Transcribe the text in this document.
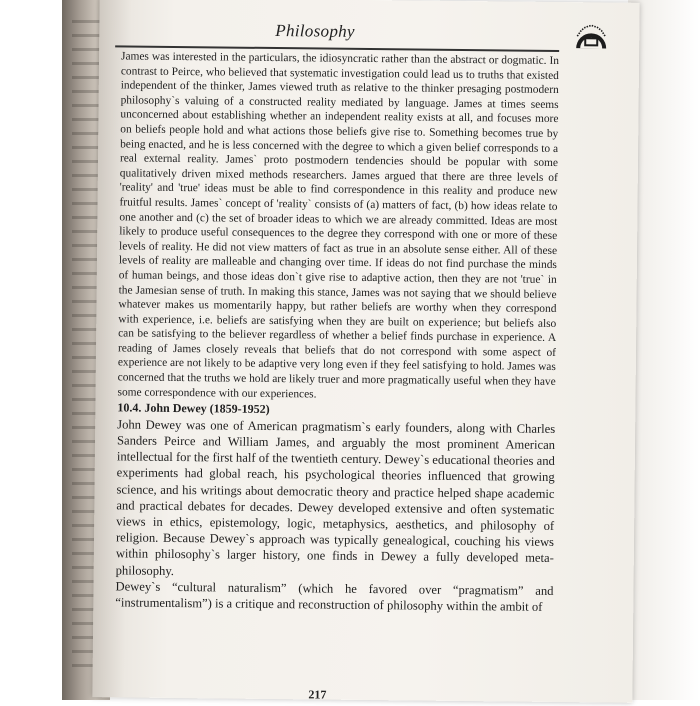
Philosophy

James was interested in the particulars, the idiosyncratic rather than the abstract or dogmatic. In contrast to Peirce, who believed that systematic investigation could lead us to truths that existed independent of the thinker, James viewed truth as relative to the thinker presaging postmodern philosophy`s valuing of a constructed reality mediated by language. James at times seems unconcerned about establishing whether an independent reality exists at all, and focuses more on beliefs people hold and what actions those beliefs give rise to. Something becomes true by being enacted, and he is less concerned with the degree to which a given belief corresponds to a real external reality. James` proto postmodern tendencies should be popular with some qualitatively driven mixed methods researchers. James argued that there are three levels of 'reality' and 'true' ideas must be able to find correspondence in this reality and produce new fruitful results. James` concept of 'reality` consists of (a) matters of fact, (b) how ideas relate to one another and (c) the set of broader ideas to which we are already committed. Ideas are most likely to produce useful consequences to the degree they correspond with one or more of these levels of reality. He did not view matters of fact as true in an absolute sense either. All of these levels of reality are malleable and changing over time. If ideas do not find purchase the minds of human beings, and those ideas don`t give rise to adaptive action, then they are not 'true` in the Jamesian sense of truth. In making this stance, James was not saying that we should believe whatever makes us momentarily happy, but rather beliefs are worthy when they correspond with experience, i.e. beliefs are satisfying when they are built on experience; but beliefs also can be satisfying to the believer regardless of whether a belief finds purchase in experience. A reading of James closely reveals that beliefs that do not correspond with some aspect of experience are not likely to be adaptive very long even if they feel satisfying to hold. James was concerned that the truths we hold are likely truer and more pragmatically useful when they have some correspondence with our experiences.

10.4. John Dewey (1859-1952)

John Dewey was one of American pragmatism`s early founders, along with Charles Sanders Peirce and William James, and arguably the most prominent American intellectual for the first half of the twentieth century. Dewey`s educational theories and experiments had global reach, his psychological theories influenced that growing science, and his writings about democratic theory and practice helped shape academic and practical debates for decades. Dewey developed extensive and often systematic views in ethics, epistemology, logic, metaphysics, aesthetics, and philosophy of religion. Because Dewey`s approach was typically genealogical, couching his views within philosophy`s larger history, one finds in Dewey a fully developed meta-philosophy.

Dewey`s “cultural naturalism” (which he favored over “pragmatism” and “instrumentalism”) is a critique and reconstruction of philosophy within the ambit of

217
